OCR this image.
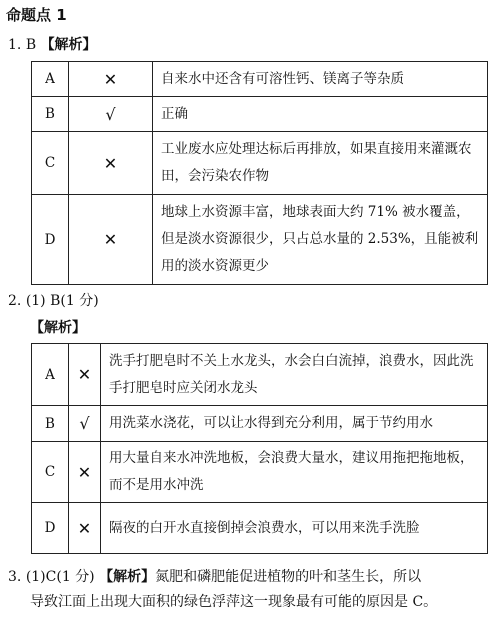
命题点 1
1. B 【解析】
A	✕	自来水中还含有可溶性钙、镁离子等杂质
B	√	正确
C	✕	工业废水应处理达标后再排放，如果直接用来灌溉农田，会污染农作物
D	✕	地球上水资源丰富，地球表面大约 71% 被水覆盖，但是淡水资源很少，只占总水量的 2.53%，且能被利用的淡水资源更少
2. (1) B(1 分)
【解析】
A	✕	洗手打肥皂时不关上水龙头，水会白白流掉，浪费水，因此洗手打肥皂时应关闭水龙头
B	√	用洗菜水浇花，可以让水得到充分利用，属于节约用水
C	✕	用大量自来水冲洗地板，会浪费大量水，建议用拖把拖地板，而不是用水冲洗
D	✕	隔夜的白开水直接倒掉会浪费水，可以用来洗手洗脸
3. (1)C(1 分) 【解析】氮肥和磷肥能促进植物的叶和茎生长，所以
导致江面上出现大面积的绿色浮萍这一现象最有可能的原因是 C。
